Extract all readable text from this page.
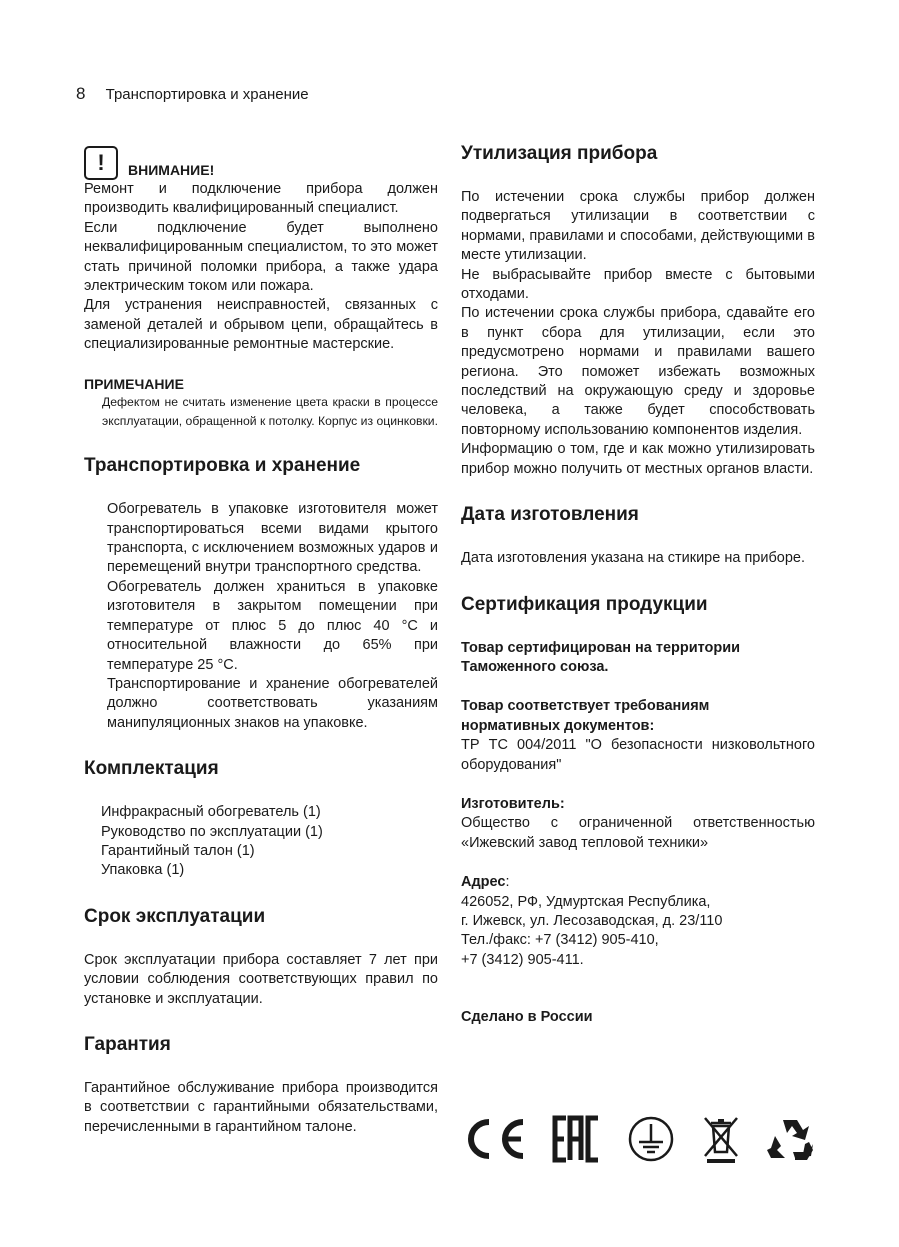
8 Транспортировка и хранение
! ВНИМАНИЕ!

Ремонт и подключение прибора должен производить квалифицированный специалист.

Если подключение будет выполнено неквалифицированным специалистом, то это может стать причиной поломки прибора, а также удара электрическим током или пожара.

Для устранения неисправностей, связанных с заменой деталей и обрывом цепи, обращайтесь в специализированные ремонтные мастерские.

ПРИМЕЧАНИЕ
Дефектом не считать изменение цвета краски в процессе эксплуатации, обращенной к потолку. Корпус из оцинковки.
Транспортировка и хранение

Обогреватель в упаковке изготовителя может транспортироваться всеми видами крытого транспорта, с исключением возможных ударов и перемещений внутри транспортного средства.

Обогреватель должен храниться в упаковке изготовителя в закрытом помещении при температуре от плюс 5 до плюс 40 °С и относительной влажности до 65% при температуре 25 °С.

Транспортирование и хранение обогревателей должно соответствовать указаниям манипуляционных знаков на упаковке.

Комплектация
Инфракрасный обогреватель (1)
Руководство по эксплуатации (1)
Гарантийный талон (1)
Упаковка (1)
Срок эксплуатации

Срок эксплуатации прибора составляет 7 лет при условии соблюдения соответствующих правил по установке и эксплуатации.

Гарантия

Гарантийное обслуживание прибора производится в соответствии с гарантийными обязательствами, перечисленными в гарантийном талоне.

Утилизация прибора

По истечении срока службы прибор должен подвергаться утилизации в соответствии с нормами, правилами и способами, действующими в месте утилизации.

Не выбрасывайте прибор вместе с бытовыми отходами.

По истечении срока службы прибора, сдавайте его в пункт сбора для утилизации, если это предусмотрено нормами и правилами вашего региона. Это поможет избежать возможных последствий на окружающую среду и здоровье человека, а также будет способствовать повторному использованию компонентов изделия.

Информацию о том, где и как можно утилизировать прибор можно получить от местных органов власти.

Дата изготовления

Дата изготовления указана на стикире на приборе.

Сертификация продукции
Товар сертифицирован на территории
Таможенного союза.
Товар соответствует требованиям
нормативных документов:

ТР ТС 004/2011 "О безопасности низковольтного оборудования"

Изготовитель:

Общество с ограниченной ответственностью «Ижевский завод тепловой техники»

Адрес:
426052, РФ, Удмуртская Республика,
г. Ижевск, ул. Лесозаводская, д. 23/110
Тел./факс: +7 (3412) 905-410,
+7 (3412) 905-411.
Сделано в России
